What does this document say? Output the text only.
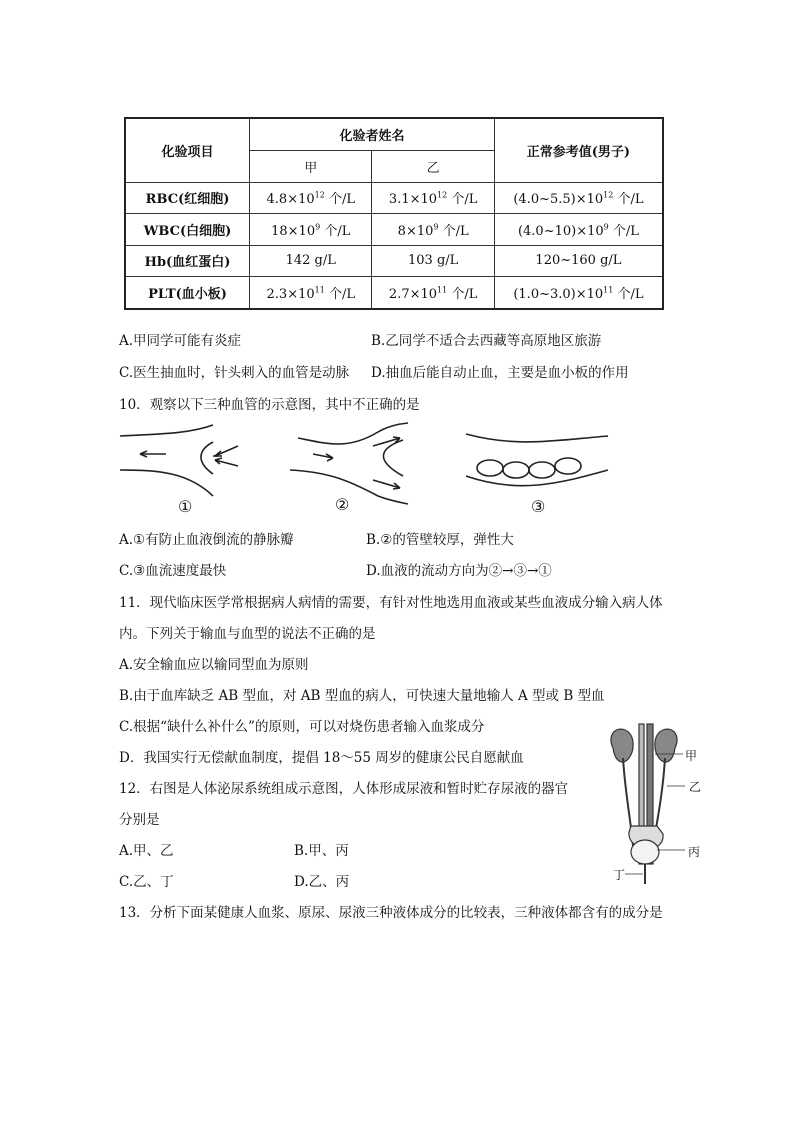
化验项目	化验者姓名		正常参考值(男子)
	甲	乙	
RBC(红细胞)	$4.8\times 10^{12}$ 个/L	$3.1\times 10^{12}$ 个/L	$(4.0\sim 5.5)\times 10^{12}$ 个/L
WBC(白细胞)	$18\times 10^9$ 个/L	$8\times 10^9$ 个/L	$(4.0\sim 10)\times 10^9$ 个/L
Hb(血红蛋白)	142 g/L	103 g/L	120~160 g/L
PLT(血小板)	$2.3\times 10^{11}$ 个/L	$2.7\times 10^{11}$ 个/L	$(1.0\sim 3.0)\times 10^{11}$ 个/L
A.甲同学可能有炎症	B.乙同学不适合去西藏等高原地区旅游
C.医生抽血时，针头刺入的血管是动脉 D.抽血后能自动止血，主要是血小板的作用
10．观察以下三种血管的示意图，其中不正确的是
①	②	③
A.①有防止血液倒流的静脉瓣	B.②的管壁较厚，弹性大
C.③血流速度最快	D.血液的流动方向为②→③→①
11．现代临床医学常根据病人病情的需要，有针对性地选用血液或某些血液成分输入病人体
内。下列关于输血与血型的说法不正确的是
A.安全输血应以输同型血为原则
B.由于血库缺乏 AB 型血，对 AB 型血的病人，可快速大量地输人 A 型或 B 型血
C.根据“缺什么补什么”的原则，可以对烧伤患者输入血浆成分
D．我国实行无偿献血制度，提倡 18～55 周岁的健康公民自愿献血	甲
乙
丙
丁
12．右图是人体泌尿系统组成示意图，人体形成尿液和暂时贮存尿液的器官
分别是
A.甲、乙	B.甲、丙
C.乙、丁	D.乙、丙
13．分析下面某健康人血浆、原尿、尿液三种液体成分的比较表，三种液体都含有的成分是
